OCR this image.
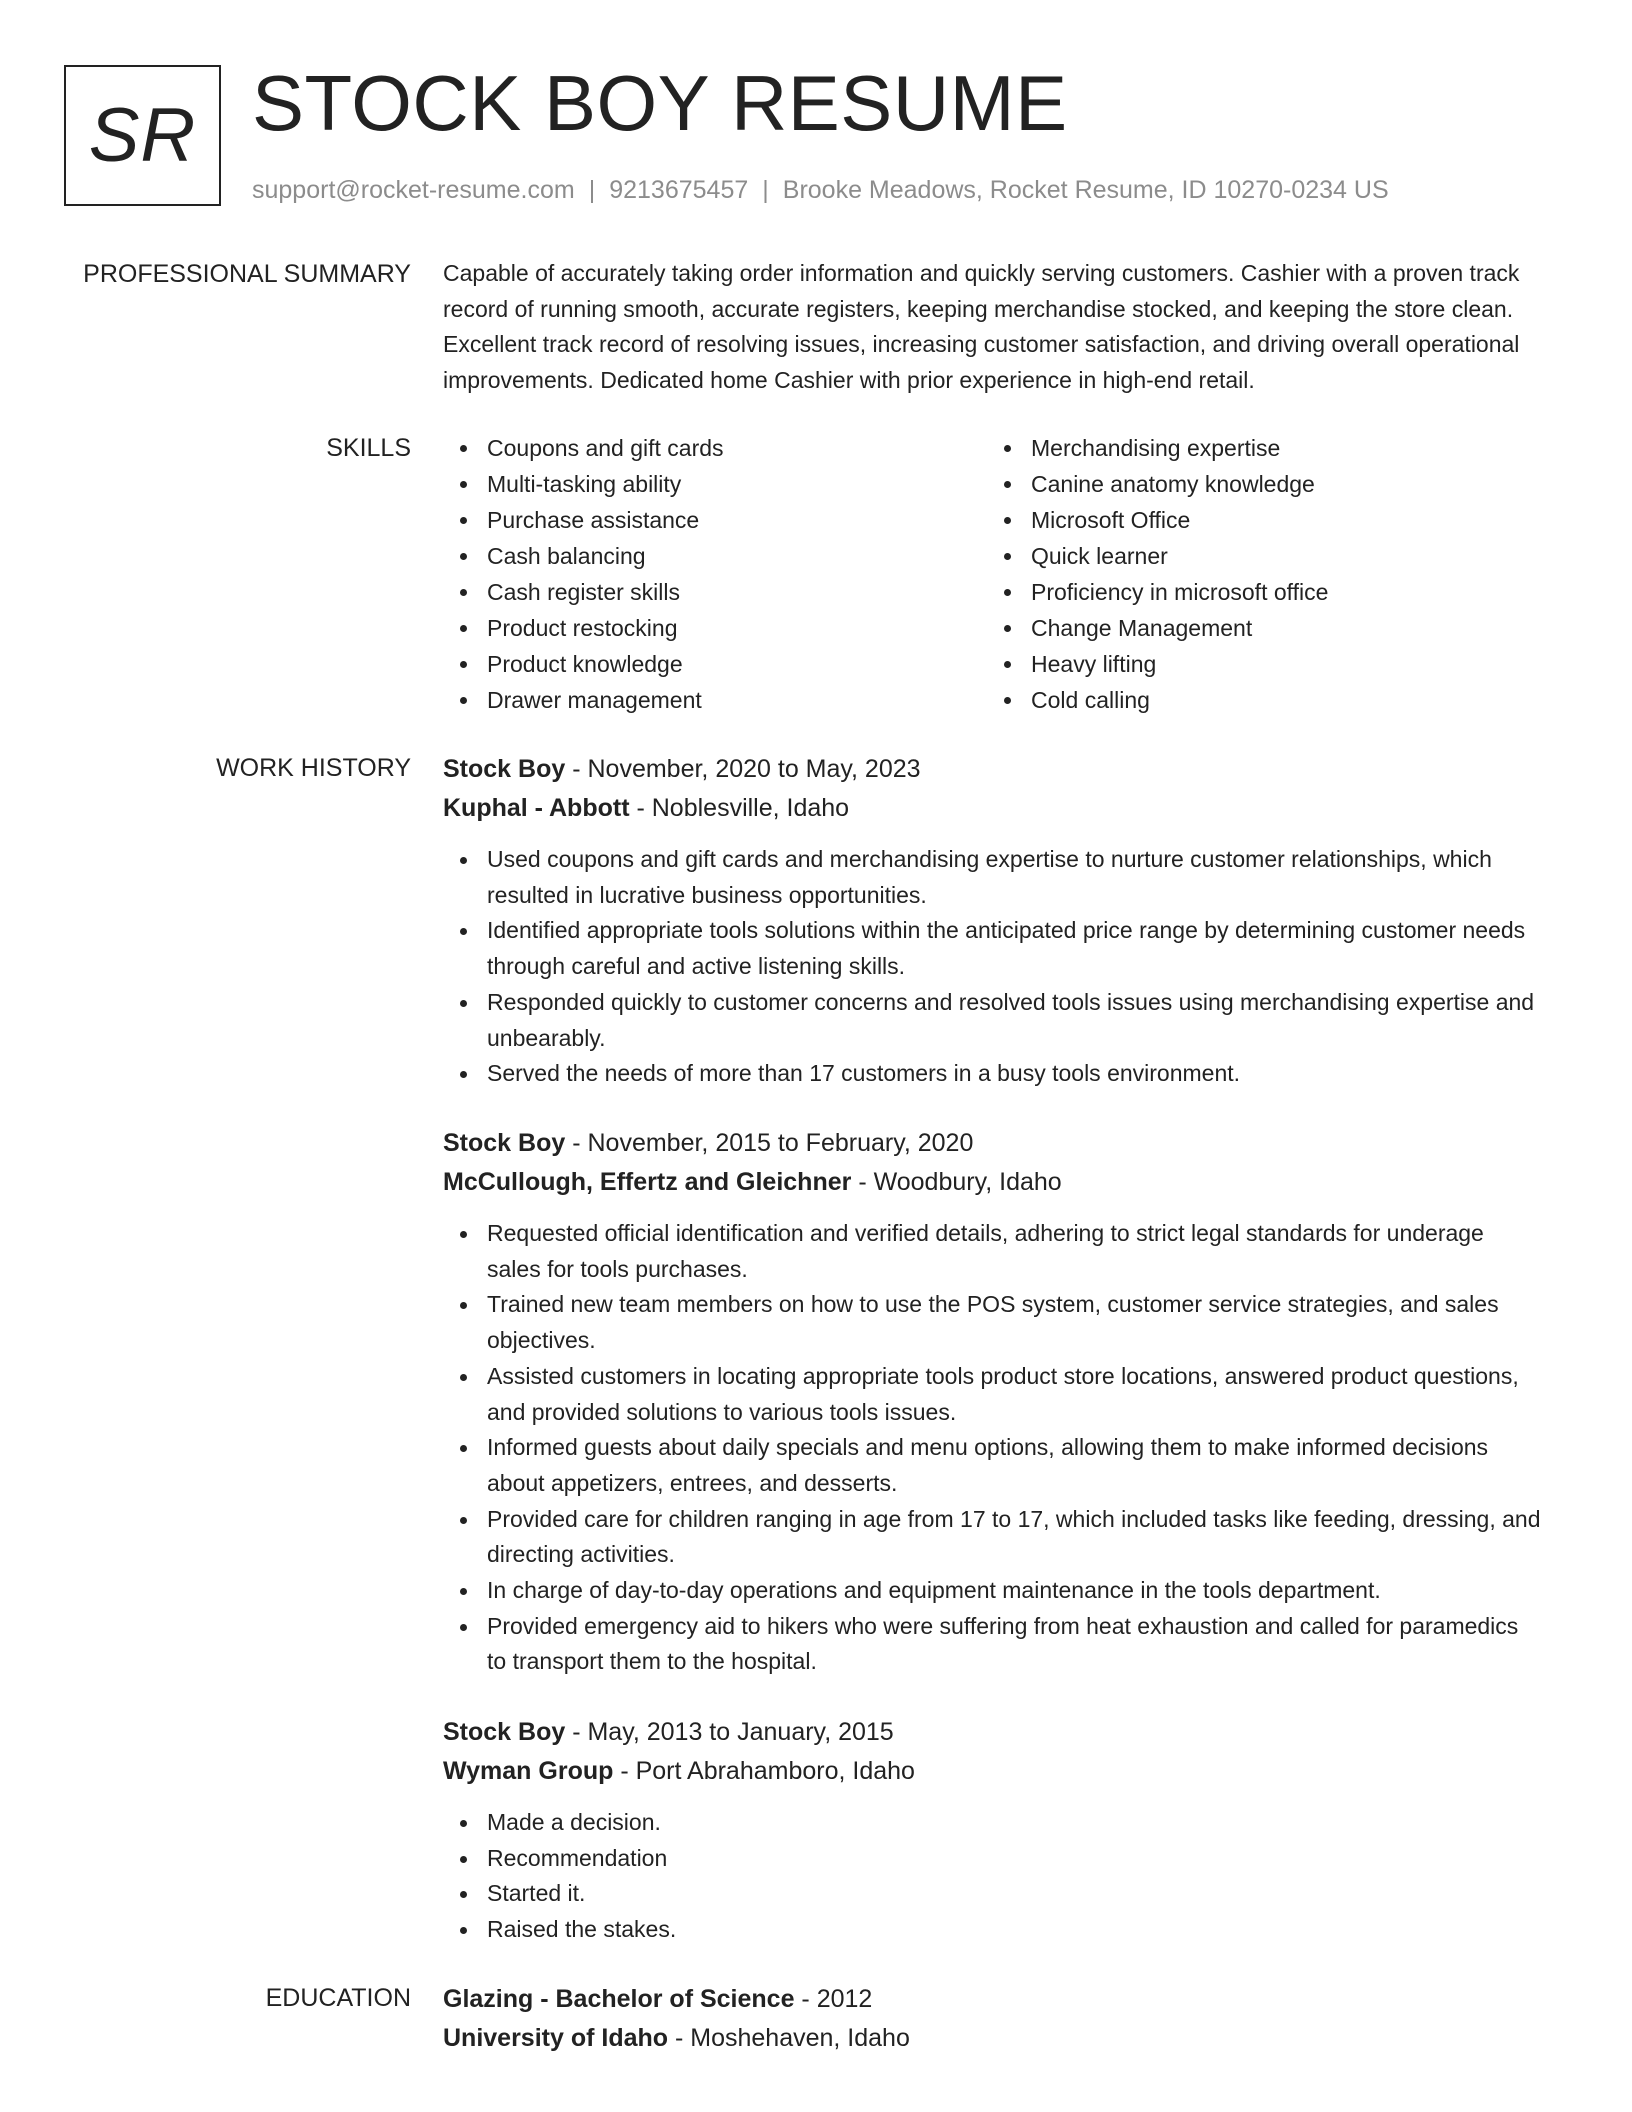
SR STOCK BOY RESUME
support@rocket-resume.com | 9213675457 | Brooke Meadows, Rocket Resume, ID 10270-0234 US
PROFESSIONAL SUMMARY Capable of accurately taking order information and quickly serving customers. Cashier with a proven track record of running smooth, accurate registers, keeping merchandise stocked, and keeping the store clean. Excellent track record of resolving issues, increasing customer satisfaction, and driving overall operational improvements. Dedicated home Cashier with prior experience in high-end retail.

SKILLS	Coupons and gift cards
Multi-tasking ability
Purchase assistance
Cash balancing
Cash register skills
Product restocking
Product knowledge
Drawer management
Merchandising expertise
Canine anatomy knowledge
Microsoft Office
Quick learner
Proficiency in microsoft office
Change Management
Heavy lifting
Cold calling
WORK HISTORY Stock Boy - November, 2020 to May, 2023
Kuphal - Abbott - Noblesville, Idaho
Used coupons and gift cards and merchandising expertise to nurture customer relationships, which resulted in lucrative business opportunities.
Identified appropriate tools solutions within the anticipated price range by determining customer needs through careful and active listening skills.
Responded quickly to customer concerns and resolved tools issues using merchandising expertise and unbearably.
Served the needs of more than 17 customers in a busy tools environment.
Stock Boy - November, 2015 to February, 2020
McCullough, Effertz and Gleichner - Woodbury, Idaho
Requested official identification and verified details, adhering to strict legal standards for underage sales for tools purchases.
Trained new team members on how to use the POS system, customer service strategies, and sales objectives.
Assisted customers in locating appropriate tools product store locations, answered product questions, and provided solutions to various tools issues.
Informed guests about daily specials and menu options, allowing them to make informed decisions about appetizers, entrees, and desserts.
Provided care for children ranging in age from 17 to 17, which included tasks like feeding, dressing, and directing activities.
In charge of day-to-day operations and equipment maintenance in the tools department.
Provided emergency aid to hikers who were suffering from heat exhaustion and called for paramedics to transport them to the hospital.
Stock Boy - May, 2013 to January, 2015
Wyman Group - Port Abrahamboro, Idaho
Made a decision.
Recommendation
Started it.
Raised the stakes.
EDUCATION Glazing - Bachelor of Science - 2012
University of Idaho - Moshehaven, Idaho
